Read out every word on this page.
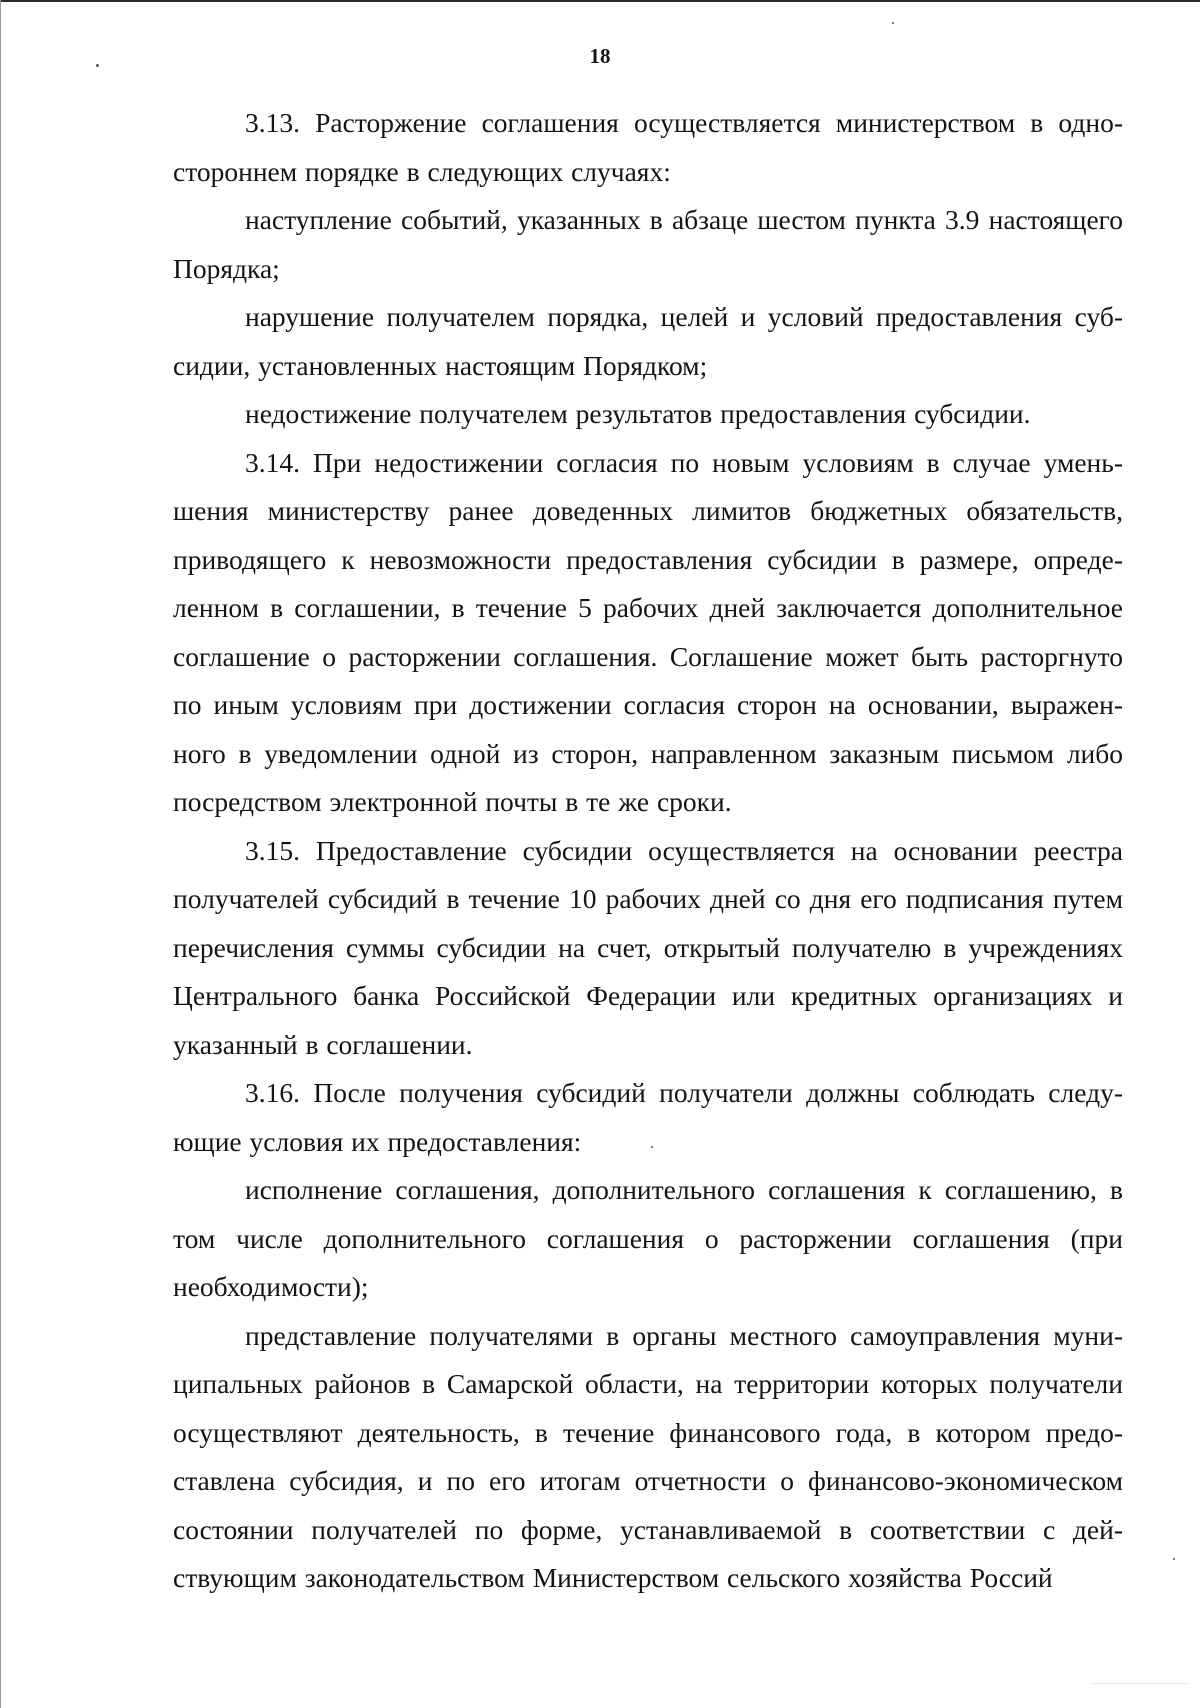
18

3.13. Расторжение соглашения осуществляется министерством в одностороннем порядке в следующих случаях:

наступление событий, указанных в абзаце шестом пункта 3.9 настоящего Порядка;

нарушение получателем порядка, целей и условий предоставления субсидии, установленных настоящим Порядком;

недостижение получателем результатов предоставления субсидии.

3.14. При недостижении согласия по новым условиям в случае уменьшения министерству ранее доведенных лимитов бюджетных обязательств, приводящего к невозможности предоставления субсидии в размере, определенном в соглашении, в течение 5 рабочих дней заключается дополнительное соглашение о расторжении соглашения. Соглашение может быть расторгнуто по иным условиям при достижении согласия сторон на основании, выраженного в уведомлении одной из сторон, направленном заказным письмом либо посредством электронной почты в те же сроки.

3.15. Предоставление субсидии осуществляется на основании реестра получателей субсидий в течение 10 рабочих дней со дня его подписания путем перечисления суммы субсидии на счет, открытый получателю в учреждениях Центрального банка Российской Федерации или кредитных организациях и указанный в соглашении.

3.16. После получения субсидий получатели должны соблюдать следующие условия их предоставления:

исполнение соглашения, дополнительного соглашения к соглашению, в том числе дополнительного соглашения о расторжении соглашения (при необходимости);

представление получателями в органы местного самоуправления муниципальных районов в Самарской области, на территории которых получатели осуществляют деятельность, в течение финансового года, в котором предоставлена субсидия, и по его итогам отчетности о финансово-экономическом состоянии получателей по форме, устанавливаемой в соответствии с действующим законодательством Министерством сельского хозяйства Россий
